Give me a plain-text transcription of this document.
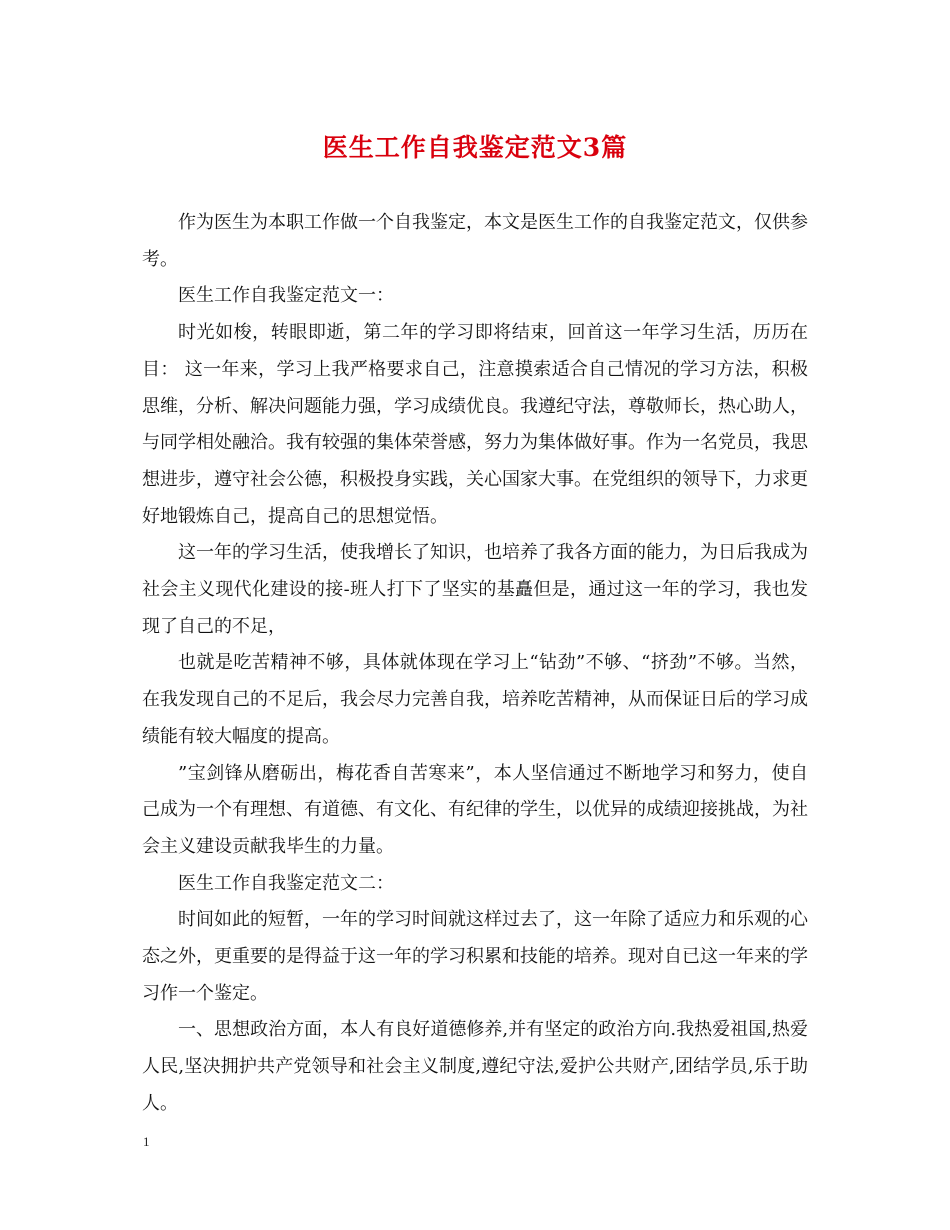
医生工作自我鉴定范文3篇

作为医生为本职工作做一个自我鉴定，本文是医生工作的自我鉴定范文，仅供参考。

医生工作自我鉴定范文一：

时光如梭，转眼即逝，第二年的学习即将结束，回首这一年学习生活，历历在目： 这一年来，学习上我严格要求自己，注意摸索适合自己情况的学习方法，积极思维，分析、解决问题能力强，学习成绩优良。我遵纪守法，尊敬师长，热心助人，与同学相处融洽。我有较强的集体荣誉感，努力为集体做好事。作为一名党员，我思想进步，遵守社会公德，积极投身实践，关心国家大事。在党组织的领导下，力求更好地锻炼自己，提高自己的思想觉悟。

这一年的学习生活，使我增长了知识，也培养了我各方面的能力，为日后我成为社会主义现代化建设的接-班人打下了坚实的基矗但是，通过这一年的学习，我也发现了自己的不足，

也就是吃苦精神不够，具体就体现在学习上“钻劲”不够、“挤劲”不够。当然，在我发现自己的不足后，我会尽力完善自我，培养吃苦精神，从而保证日后的学习成绩能有较大幅度的提高。

”宝剑锋从磨砺出，梅花香自苦寒来”，本人坚信通过不断地学习和努力，使自己成为一个有理想、有道德、有文化、有纪律的学生，以优异的成绩迎接挑战，为社会主义建设贡献我毕生的力量。

医生工作自我鉴定范文二：

时间如此的短暂，一年的学习时间就这样过去了，这一年除了适应力和乐观的心态之外，更重要的是得益于这一年的学习积累和技能的培养。现对自已这一年来的学习作一个鉴定。

一、思想政治方面，本人有良好道德修养,并有坚定的政治方向.我热爱祖国,热爱人民,坚决拥护共产党领导和社会主义制度,遵纪守法,爱护公共财产,团结学员,乐于助人。

1
